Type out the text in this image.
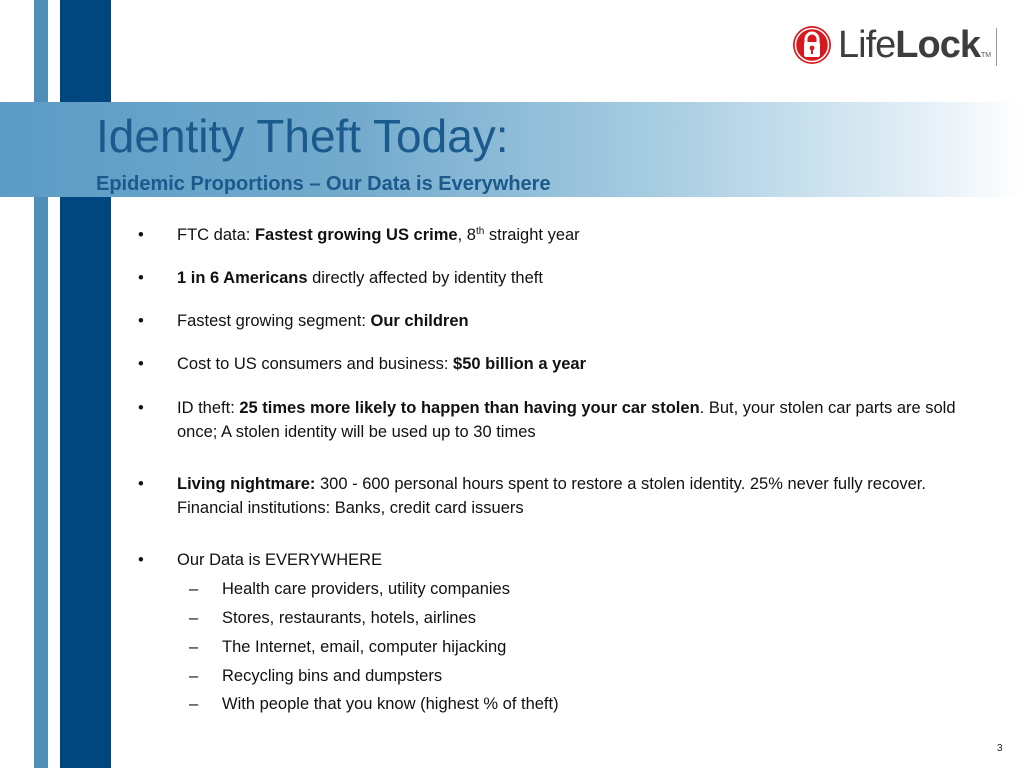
Life Lock TM
Identity Theft Today:
Epidemic Proportions – Our Data is Everywhere
• FTC data: Fastest growing US crime, 8th straight year
• 1 in 6 Americans directly affected by identity theft
• Fastest growing segment: Our children
• Cost to US consumers and business: $50 billion a year
• ID theft: 25 times more likely to happen than having your car stolen. But, your stolen car parts are sold once; A stolen identity will be used up to 30 times
• Living nightmare: 300 - 600 personal hours spent to restore a stolen identity. 25% never fully recover. Financial institutions: Banks, credit card issuers
• Our Data is EVERYWHERE
– Health care providers, utility companies
– Stores, restaurants, hotels, airlines
– The Internet, email, computer hijacking
– Recycling bins and dumpsters
– With people that you know (highest % of theft)
3
